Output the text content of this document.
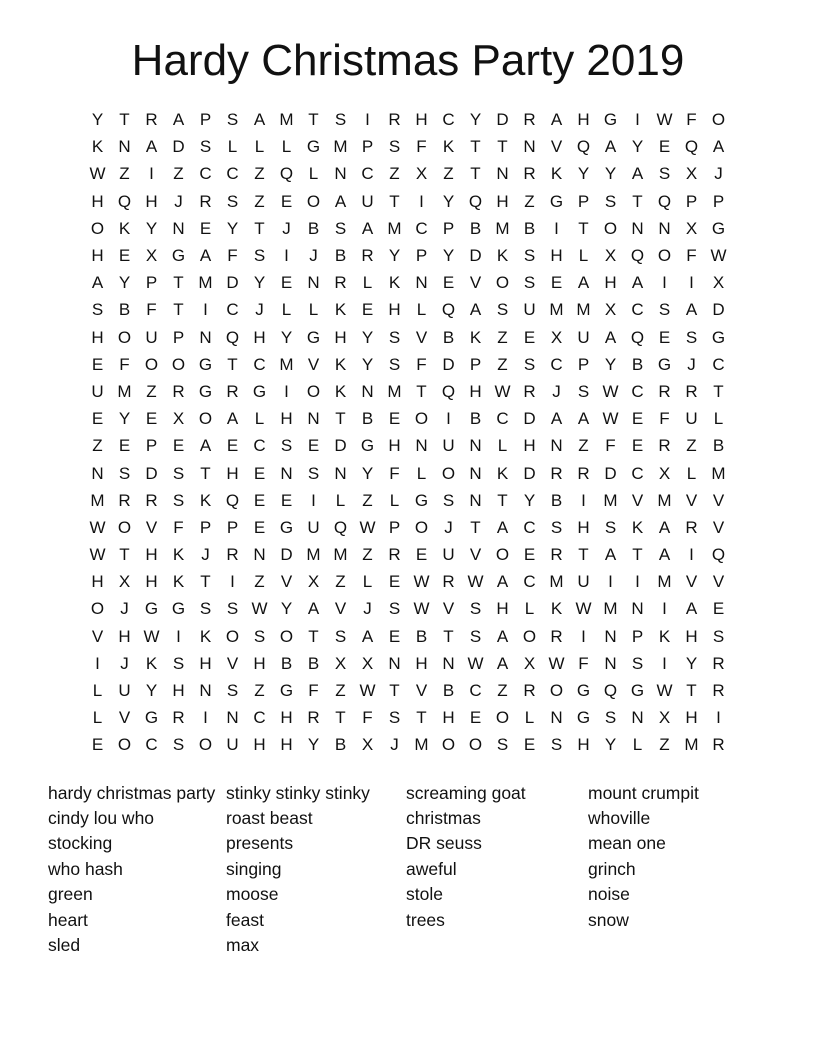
Hardy Christmas Party 2019
Y T R A P S A M T S	I	R H C Y D R A H G	I W F O
K N A D S L	L	L G M P S F K T T N V Q A Y E Q A
W Z	I	Z C C Z Q L N C Z X Z T N R K Y Y A S X	J
H Q H J R S Z E O A U T	I	Y Q H Z G P S T Q P P
O K Y N E Y T	J	B S A M C P B M B	I	T O N N X G
H E X G A F S	I	J	B R Y P Y D K S H L X Q O F W
A Y P T M D Y E N R L K N E V O S E A H A	I	I	X
S B F T	I	C J	L	L K E H L Q A S U M M X C S A D
H O U P N Q H Y G H Y S V B K Z E X U A Q E S G
E F O O G T C M V K Y S F D P Z S C P Y B G J C
U M Z R G R G	I	O K N M T Q H W R J	S W C R R T
E Y E X O A L H N T B E O	I	B C D A A W E F U L
Z E P E A E C S E D G H N U N L H N Z F E R Z B
N S D S T H E N S N Y F	L O N K D R R D C X L M
M R R S K Q E E	I	L	Z	L G S N T Y B	I	M V M V V
W O V F P P E G U Q W P O J	T A C S H S K A R V
W T H K	J R N D M M Z R E U V O E R T A T A	I	Q
H X H K T	I	Z V X Z	L E W R W A C M U	I	I	M V V
O J G G S S W Y A V	J	S W V S H L K W M N	I	A E
V H W I	K O S O T S A E B T S A O R	I	N P K H S
I	J	K S H V H B B X X N H N W A X W F N S	I	Y R
L U Y H N S Z G F Z W T V B C Z R O G Q G W T R
L V G R	I	N C H R T F S T H E O L N G S N X H	I
E O C S O U H H Y B X	J M O O S E S H Y L	Z M R
hardy christmas party
cindy lou who
stocking
who hash
green
heart
sled
stinky stinky stinky
roast beast
presents
singing
moose
feast
max
screaming goat
christmas
DR seuss
aweful
stole
trees
mount crumpit
whoville
mean one
grinch
noise
snow
